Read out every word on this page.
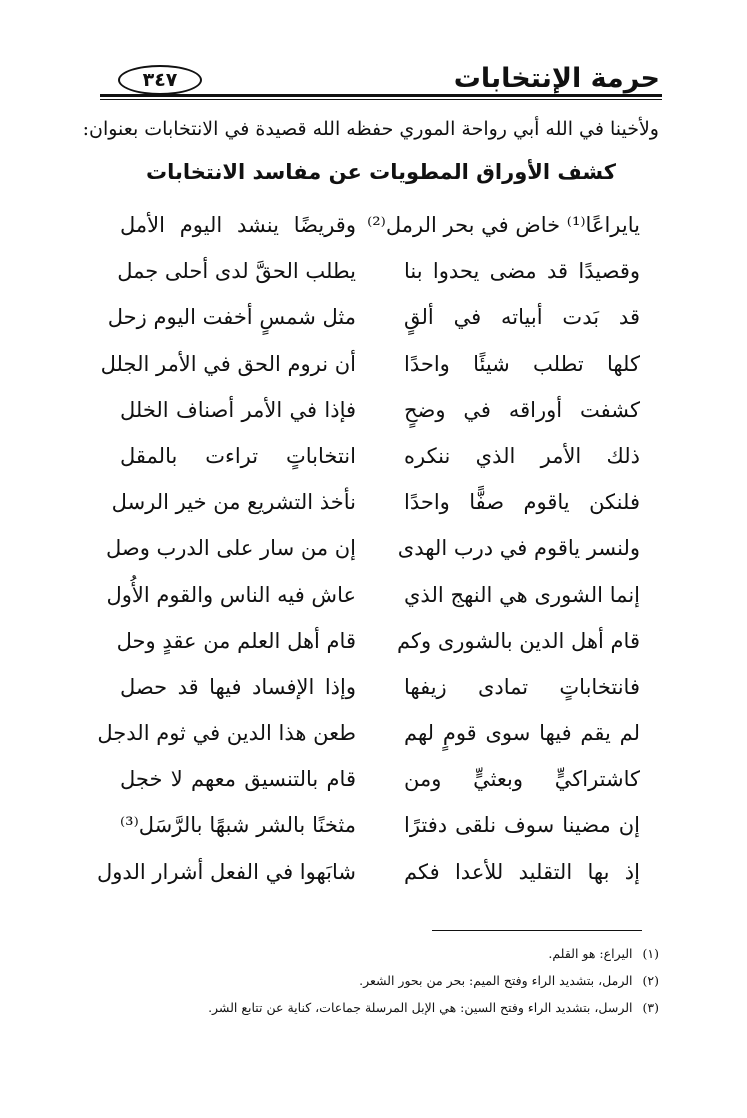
حرمة الإنتخابات
٣٤٧
ولأخينا في الله أبي رواحة الموري حفظه الله قصيدة في الانتخابات بعنوان:
كشف الأوراق المطويات عن مفاسد الانتخابات
يايراعًا⁽¹⁾ خاض في بحر الرمل⁽²⁾
وقريضًا ينشد اليوم الأمل
وقصيدًا قد مضى يحدوا بنا
يطلب الحقَّ لدى أحلى جمل
قد بَدت أبياته في ألقٍ
مثل شمسٍ أخفت اليوم زحل
كلها تطلب شيئًا واحدًا
أن نروم الحق في الأمر الجلل
كشفت أوراقه في وضحٍ
فإذا في الأمر أصناف الخلل
ذلك الأمر الذي ننكره
انتخاباتٍ تراءت بالمقل
فلنكن ياقوم صفًّا واحدًا
نأخذ التشريع من خير الرسل
ولنسر ياقوم في درب الهدى
إن من سار على الدرب وصل
إنما الشورى هي النهج الذي
عاش فيه الناس والقوم الأُول
قام أهل الدين بالشورى وكم
قام أهل العلم من عقدٍ وحل
فانتخاباتٍ تمادى زيفها
وإذا الإفساد فيها قد حصل
لم يقم فيها سوى قومٍ لهم
طعن هذا الدين في ثوم الدجل
كاشتراكيٍّ وبعثيٍّ ومن
قام بالتنسيق معهم لا خجل
إن مضينا سوف نلقى دفترًا
مثخنًا بالشر شبهًا بالرَّسَل⁽³⁾
إذ بها التقليد للأعدا فكم
شابَهوا في الفعل أشرار الدول
(١) اليراع: هو القلم.
(٢) الرمل، بتشديد الراء وفتح الميم: بحر من بحور الشعر.
(٣) الرسل، بتشديد الراء وفتح السين: هي الإبل المرسلة جماعات، كناية عن تتابع الشر.
